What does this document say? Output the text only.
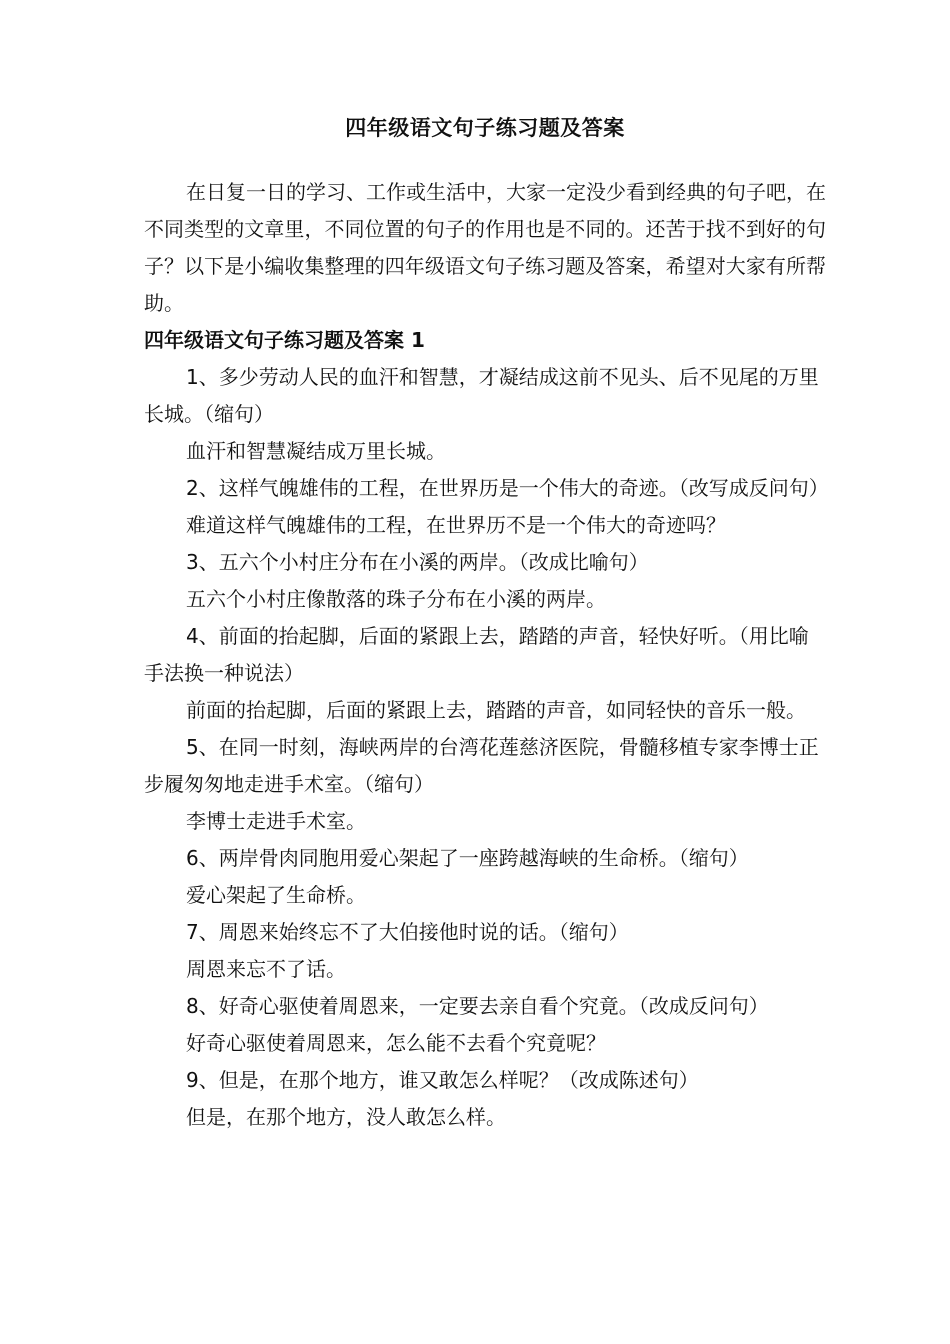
四年级语文句子练习题及答案

在日复一日的学习、工作或生活中，大家一定没少看到经典的句子吧，在不同类型的文章里，不同位置的句子的作用也是不同的。还苦于找不到好的句子？以下是小编收集整理的四年级语文句子练习题及答案，希望对大家有所帮助。

四年级语文句子练习题及答案 1

1、多少劳动人民的血汗和智慧，才凝结成这前不见头、后不见尾的万里长城。（缩句）

血汗和智慧凝结成万里长城。

2、这样气魄雄伟的工程，在世界历是一个伟大的奇迹。（改写成反问句）

难道这样气魄雄伟的工程，在世界历不是一个伟大的奇迹吗？

3、五六个小村庄分布在小溪的两岸。（改成比喻句）

五六个小村庄像散落的珠子分布在小溪的两岸。

4、前面的抬起脚，后面的紧跟上去，踏踏的声音，轻快好听。（用比喻手法换一种说法）

前面的抬起脚，后面的紧跟上去，踏踏的声音，如同轻快的音乐一般。

5、在同一时刻，海峡两岸的台湾花莲慈济医院，骨髓移植专家李博士正步履匆匆地走进手术室。（缩句）

李博士走进手术室。

6、两岸骨肉同胞用爱心架起了一座跨越海峡的生命桥。（缩句）

爱心架起了生命桥。

7、周恩来始终忘不了大伯接他时说的话。（缩句）

周恩来忘不了话。

8、好奇心驱使着周恩来，一定要去亲自看个究竟。（改成反问句）

好奇心驱使着周恩来，怎么能不去看个究竟呢？

9、但是，在那个地方，谁又敢怎么样呢？（改成陈述句）

但是，在那个地方，没人敢怎么样。
